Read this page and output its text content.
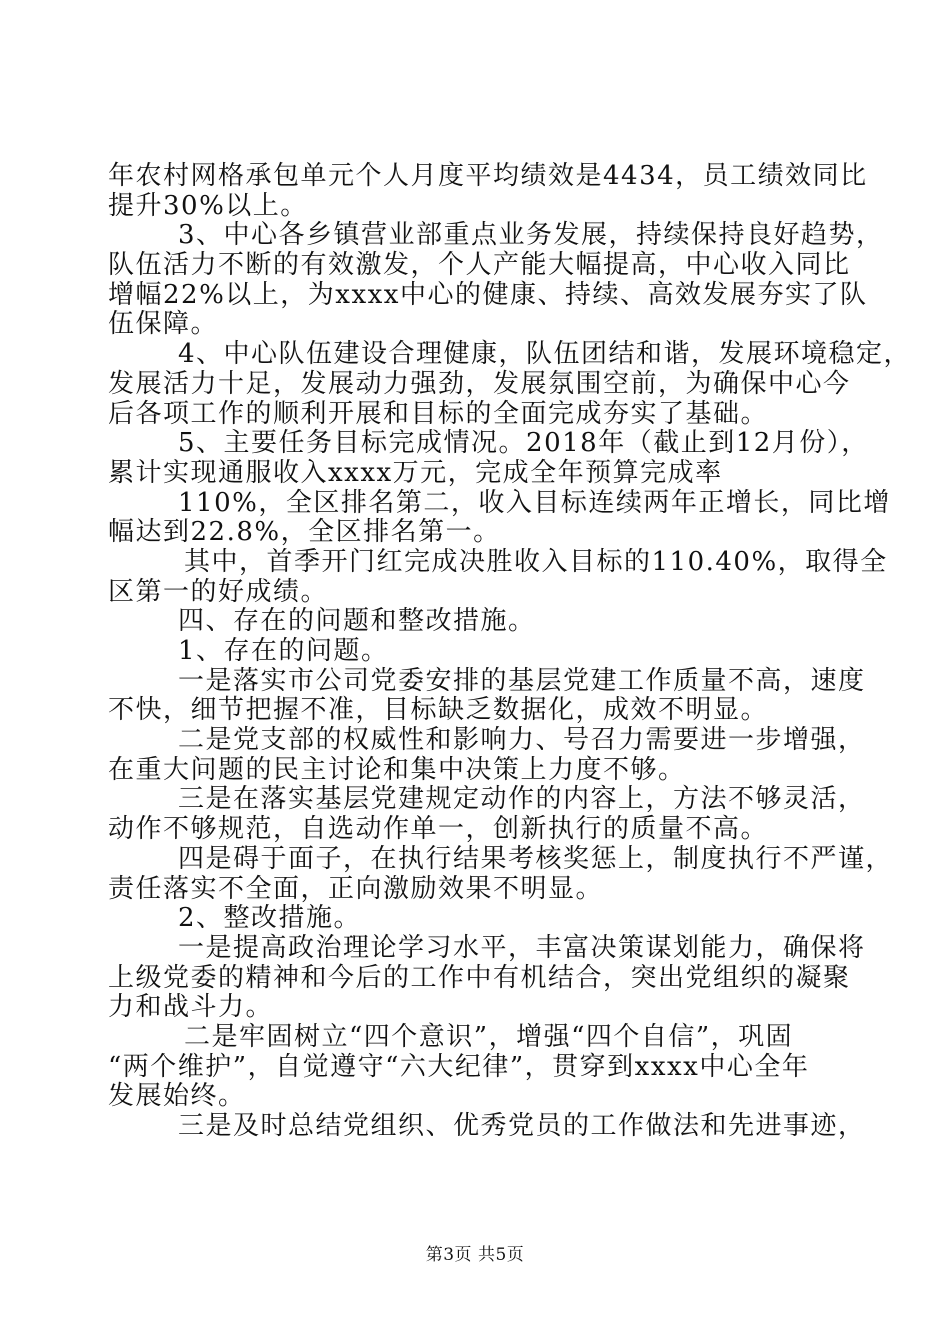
年农村网格承包单元个人月度平均绩效是4434，员工绩效同比
提升30%以上。
3、中心各乡镇营业部重点业务发展，持续保持良好趋势，
队伍活力不断的有效激发，个人产能大幅提高，中心收入同比
增幅22%以上，为xxxx中心的健康、持续、高效发展夯实了队
伍保障。
4、中心队伍建设合理健康，队伍团结和谐，发展环境稳定，
发展活力十足，发展动力强劲，发展氛围空前，为确保中心今
后各项工作的顺利开展和目标的全面完成夯实了基础。
5、主要任务目标完成情况。2018年（截止到12月份），
累计实现通服收入xxxx万元，完成全年预算完成率
110%，全区排名第二，收入目标连续两年正增长，同比增
幅达到22.8%，全区排名第一。
其中，首季开门红完成决胜收入目标的110.40%，取得全
区第一的好成绩。
四、存在的问题和整改措施。
1、存在的问题。
一是落实市公司党委安排的基层党建工作质量不高，速度
不快，细节把握不准，目标缺乏数据化，成效不明显。
二是党支部的权威性和影响力、号召力需要进一步增强，
在重大问题的民主讨论和集中决策上力度不够。
三是在落实基层党建规定动作的内容上，方法不够灵活，
动作不够规范，自选动作单一，创新执行的质量不高。
四是碍于面子，在执行结果考核奖惩上，制度执行不严谨，
责任落实不全面，正向激励效果不明显。
2、整改措施。
一是提高政治理论学习水平，丰富决策谋划能力，确保将
上级党委的精神和今后的工作中有机结合，突出党组织的凝聚
力和战斗力。
二是牢固树立“四个意识”，增强“四个自信”，巩固
“两个维护”，自觉遵守“六大纪律”，贯穿到xxxx中心全年
发展始终。
三是及时总结党组织、优秀党员的工作做法和先进事迹，
第3页 共5页
